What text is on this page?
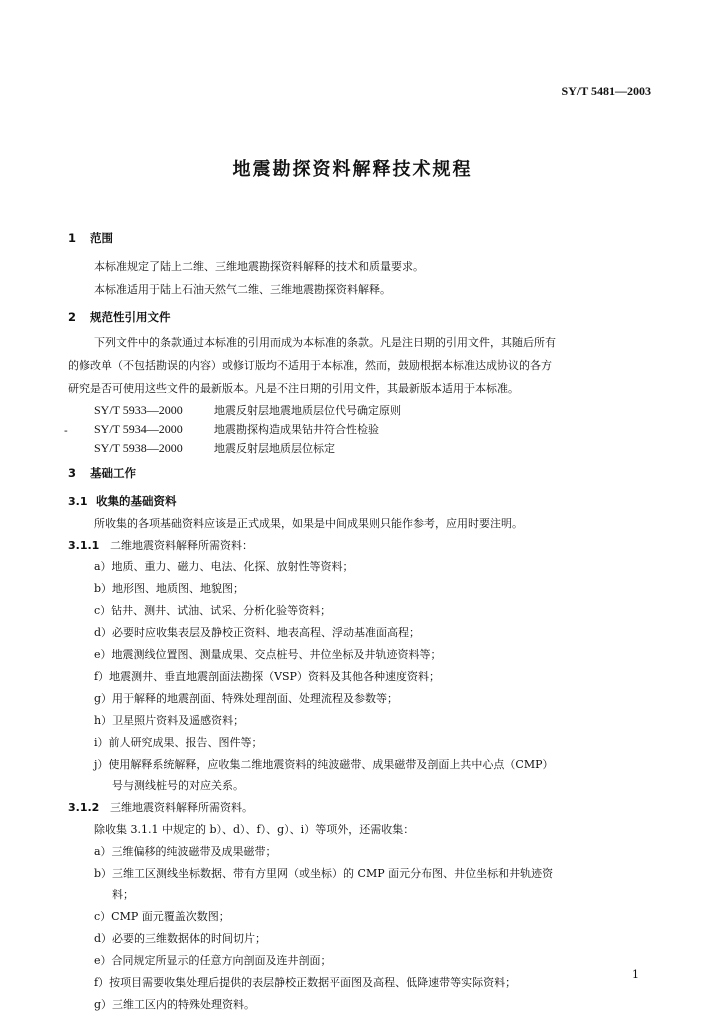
SY/T 5481—2003
地震勘探资料解释技术规程
1 范围
本标准规定了陆上二维、三维地震勘探资料解释的技术和质量要求。
本标准适用于陆上石油天然气二维、三维地震勘探资料解释。
2 规范性引用文件
下列文件中的条款通过本标准的引用而成为本标准的条款。凡是注日期的引用文件，其随后所有
的修改单（不包括勘误的内容）或修订版均不适用于本标准，然而，鼓励根据本标准达成协议的各方
研究是否可使用这些文件的最新版本。凡是不注日期的引用文件，其最新版本适用于本标准。
SY/T 5933—2000	地震反射层地震地质层位代号确定原则
SY/T 5934—2000	地震勘探构造成果钻井符合性检验
-
SY/T 5938—2000	地震反射层地质层位标定
3 基础工作
3.1 收集的基础资料
所收集的各项基础资料应该是正式成果，如果是中间成果则只能作参考，应用时要注明。
3.1.1 二维地震资料解释所需资料：
a）地质、重力、磁力、电法、化探、放射性等资料；
b）地形图、地质图、地貌图；
c）钻井、测井、试油、试采、分析化验等资料；
d）必要时应收集表层及静校正资料、地表高程、浮动基准面高程；
e）地震测线位置图、测量成果、交点桩号、井位坐标及井轨迹资料等；
f）地震测井、垂直地震剖面法勘探（VSP）资料及其他各种速度资料；
g）用于解释的地震剖面、特殊处理剖面、处理流程及参数等；
h）卫星照片资料及遥感资料；
i）前人研究成果、报告、图件等；
j）使用解释系统解释，应收集二维地震资料的纯波磁带、成果磁带及剖面上共中心点（CMP）
号与测线桩号的对应关系。
3.1.2 三维地震资料解释所需资料。
除收集 3.1.1 中规定的 b）、d）、f）、g）、i）等项外，还需收集：
a）三维偏移的纯波磁带及成果磁带；
b）三维工区测线坐标数据、带有方里网（或坐标）的 CMP 面元分布图、井位坐标和井轨迹资
料；
c）CMP 面元覆盖次数图；
d）必要的三维数据体的时间切片；
e）合同规定所显示的任意方向剖面及连井剖面；
f）按项目需要收集处理后提供的表层静校正数据平面图及高程、低降速带等实际资料；
g）三维工区内的特殊处理资料。
1
